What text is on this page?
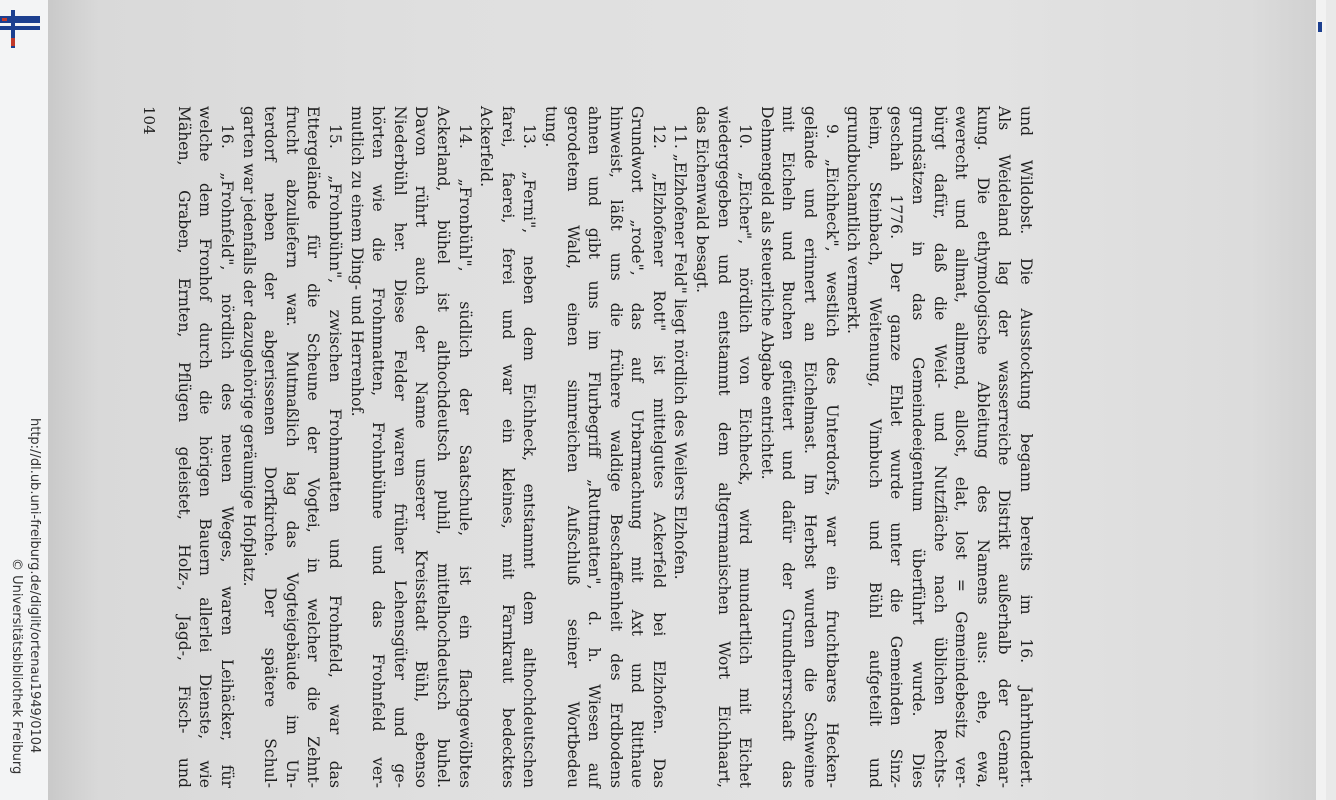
http://dl.ub.uni-freiburg.de/diglit/ortenau1949/0104
© Universitätsbibliothek Freiburg	und Wildobst. Die Ausstockung begann bereits im 16. Jahrhundert.
Als Weideland lag der wasserreiche Distrikt außerhalb der Gemar-
kung. Die ethymologische Ableitung des Namens aus: ehe, ewa,
ewerecht und allmat, allmend, allost, elat, lost = Gemeindebesitz ver-
bürgt dafür, daß die Weid- und Nutzfläche nach üblichen Rechts-
grundsätzen in das Gemeindeeigentum überführt wurde. Dies
geschah 1776. Der ganze Ehlet wurde unter die Gemeinden Sinz-
heim, Steinbach, Weitenung, Vimbuch und Bühl aufgeteilt und
grundbuchamtlich vermerkt.
9. „Eichheck", westlich des Unterdorfs, war ein fruchtbares Hecken-
gelände und erinnert an Eichelmast. Im Herbst wurden die Schweine
mit Eicheln und Buchen gefüttert und dafür der Grundherrschaft das
Dehmengeld als steuerliche Abgabe entrichtet.
10. „Eicher", nördlich von Eichheck, wird mundartlich mit Eichet
wiedergegeben und entstammt dem altgermanischen Wort Eichhaart,
das Eichenwald besagt.
11. „Elzhofener Feld" liegt nördlich des Weilers Elzhofen.
12. „Elzhofener Rott" ist mittelgutes Ackerfeld bei Elzhofen. Das
Grundwort „rode", das auf Urbarmachung mit Axt und Ritthaue
hinweist, läßt uns die frühere waldige Beschaffenheit des Erdbodens
ahnen und gibt uns im Flurbegriff „Ruttmatten", d. h. Wiesen auf
gerodetem Wald, einen sinnreichen Aufschluß seiner Wortbedeu
tung.
13. „Ferni", neben dem Eichheck, entstammt dem althochdeutschen
farei, faerei, ferei und war ein kleines, mit Farnkraut bedecktes
Ackerfeld.
14. „Fronbühl", südlich der Saatschule, ist ein flachgewölbtes
Ackerland, bühel ist althochdeutsch puhil, mittelhochdeutsch buhel.
Davon rührt auch der Name unserer Kreisstadt Bühl, ebenso
Niederbühl her. Diese Felder waren früher Lehensgüter und ge-
hörten wie die Frohnmatten, Frohnbühne und das Frohnfeld ver-
mutlich zu einem Ding- und Herrenhof.
15. „Frohnbühn", zwischen Frohnmatten und Frohnfeld, war das
Ettergelände für die Scheune der Vogtei, in welcher die Zehnt-
frucht abzuliefern war. Mutmaßlich lag das Vogteigebäude im Un-
terdorf neben der abgerissenen Dorfkirche. Der spätere Schul-
garten war jedenfalls der dazugehörige geräumige Hofplatz.
16. „Frohnfeld", nördlich des neuen Weges, waren Leihäcker, für
welche dem Fronhof durch die hörigen Bauern allerlei Dienste, wie
Mähen, Graben, Ernten, Pflügen geleistet, Holz-, Jagd-, Fisch- und
104
